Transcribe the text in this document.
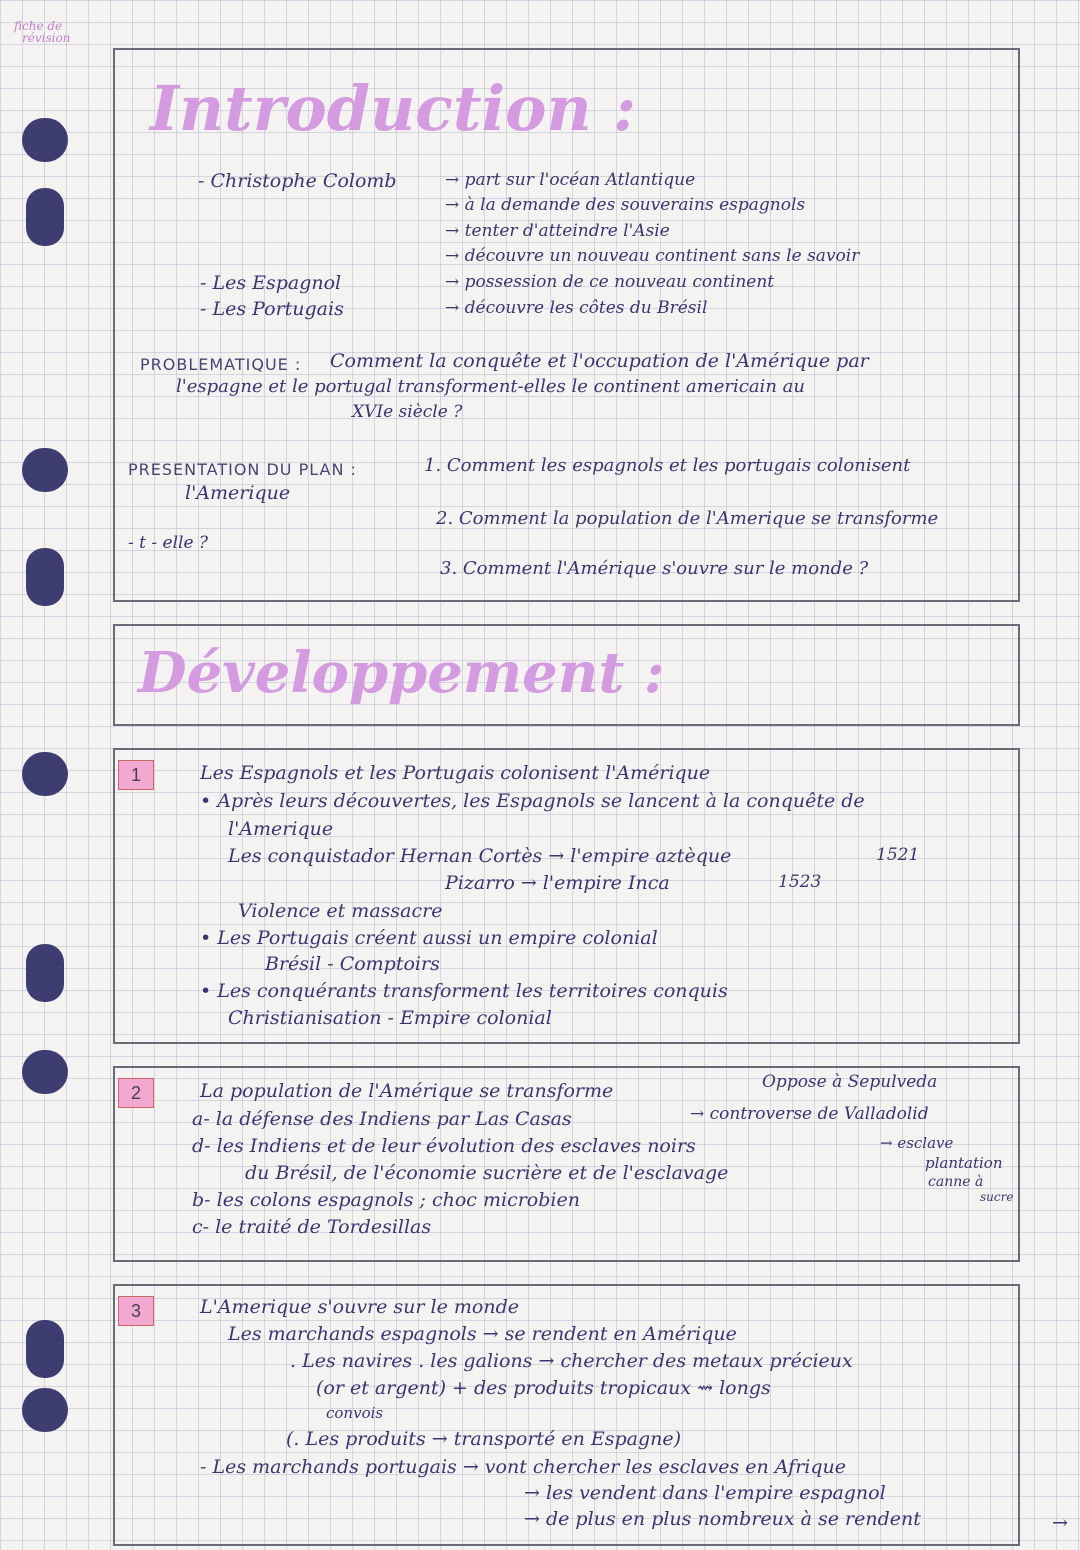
fiche de
révision
Introduction :
- Christophe Colomb	→ part sur l'océan Atlantique
→ à la demande des souverains espagnols
→ tenter d'atteindre l'Asie
→ découvre un nouveau continent sans le savoir
- Les Espagnol	→ possession de ce nouveau continent
- Les Portugais	→ découvre les côtes du Brésil
PROBLEMATIQUE : Comment la conquête et l'occupation de l'Amérique par
l'espagne et le portugal transforment-elles le continent americain au
XVIe siècle ?
PRESENTATION DU PLAN :	1. Comment les espagnols et les portugais colonisent
l'Amerique
2. Comment la population de l'Amerique se transforme
- t - elle ?
3. Comment l'Amérique s'ouvre sur le monde ?
Développement :
1	Les Espagnols et les Portugais colonisent l'Amérique
• Après leurs découvertes, les Espagnols se lancent à la conquête de
l'Amerique
Les conquistador Hernan Cortès → l'empire aztèque	1521
Pizarro → l'empire Inca	1523
Violence et massacre
• Les Portugais créent aussi un empire colonial
Brésil - Comptoirs
• Les conquérants transforment les territoires conquis
Christianisation - Empire colonial
2	La population de l'Amérique se transforme	Oppose à Sepulveda
a- la défense des Indiens par Las Casas	→ controverse de Valladolid
d- les Indiens et de leur évolution des esclaves noirs	→ esclave
du Brésil, de l'économie sucrière et de l'esclavage	plantation
canne à
sucre
b- les colons espagnols ; choc microbien
c- le traité de Tordesillas
3	L'Amerique s'ouvre sur le monde
Les marchands espagnols → se rendent en Amérique
. Les navires . les galions → chercher des metaux précieux
(or et argent) + des produits tropicaux ⇝ longs
convois
(. Les produits → transporté en Espagne)
- Les marchands portugais → vont chercher les esclaves en Afrique
→ les vendent dans l'empire espagnol
→ de plus en plus nombreux à se rendent	→
